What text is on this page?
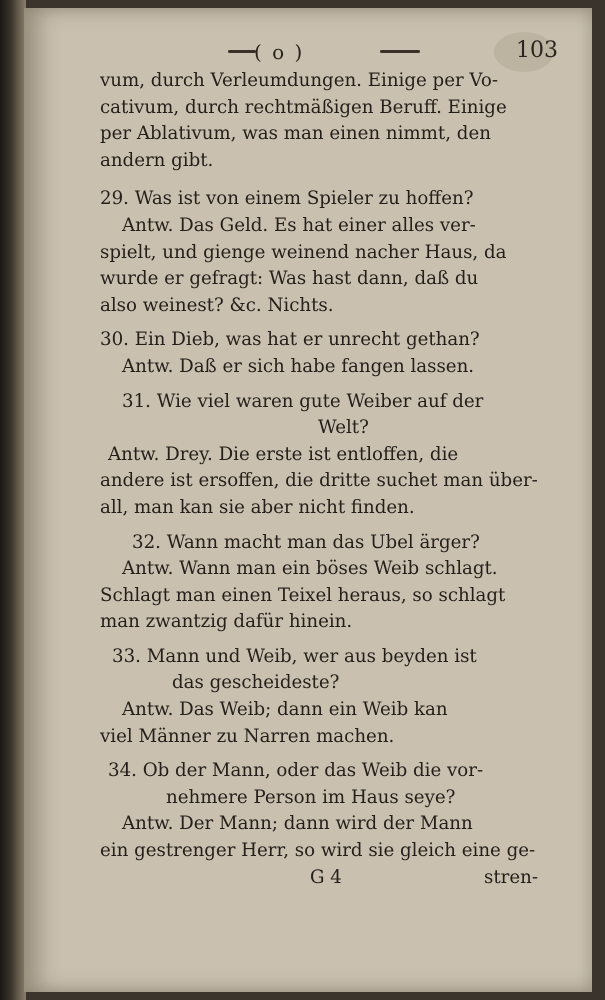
( o )	103
vum, durch Verleumdungen. Einige per Vo-
cativum, durch rechtmäßigen Beruff. Einige
per Ablativum, was man einen nimmt, den
andern gibt.
29. Was ist von einem Spieler zu hoffen?
Antw. Das Geld. Es hat einer alles ver-
spielt, und gienge weinend nacher Haus, da
wurde er gefragt: Was hast dann, daß du
also weinest? &c. Nichts.
30. Ein Dieb, was hat er unrecht gethan?
Antw. Daß er sich habe fangen lassen.
31. Wie viel waren gute Weiber auf der
Welt?
Antw. Drey. Die erste ist entloffen, die
andere ist ersoffen, die dritte suchet man über-
all, man kan sie aber nicht finden.
32. Wann macht man das Ubel ärger?
Antw. Wann man ein böses Weib schlagt.
Schlagt man einen Teixel heraus, so schlagt
man zwantzig dafür hinein.
33. Mann und Weib, wer aus beyden ist
das gescheideste?
Antw. Das Weib; dann ein Weib kan
viel Männer zu Narren machen.
34. Ob der Mann, oder das Weib die vor-
nehmere Person im Haus seye?
Antw. Der Mann; dann wird der Mann
ein gestrenger Herr, so wird sie gleich eine ge-
G 4	stren-
